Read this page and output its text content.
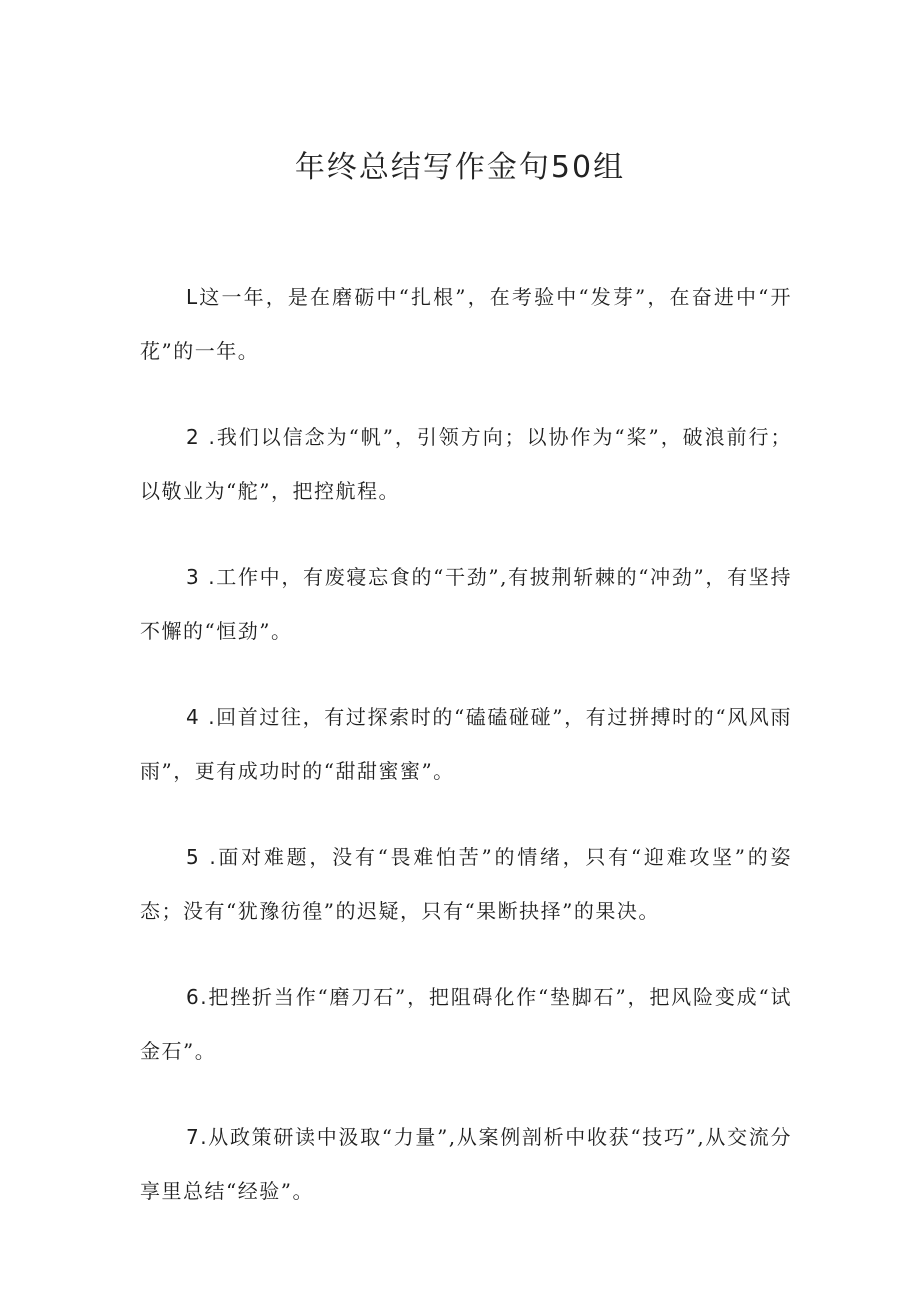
年终总结写作金句50组
L这一年，是在磨砺中“扎根”，在考验中“发芽”，在奋进中“开花”的一年。
2 .我们以信念为“帆”，引领方向；以协作为“桨”，破浪前行；以敬业为“舵”，把控航程。
3 .工作中，有废寝忘食的“干劲”,有披荆斩棘的“冲劲”，有坚持不懈的“恒劲”。
4 .回首过往，有过探索时的“磕磕碰碰”，有过拼搏时的“风风雨雨”，更有成功时的“甜甜蜜蜜”。
5 .面对难题，没有“畏难怕苦”的情绪，只有“迎难攻坚”的姿态；没有“犹豫彷徨”的迟疑，只有“果断抉择”的果决。
6.把挫折当作“磨刀石”，把阻碍化作“垫脚石”，把风险变成“试金石”。
7.从政策研读中汲取“力量”,从案例剖析中收获“技巧”,从交流分享里总结“经验”。
